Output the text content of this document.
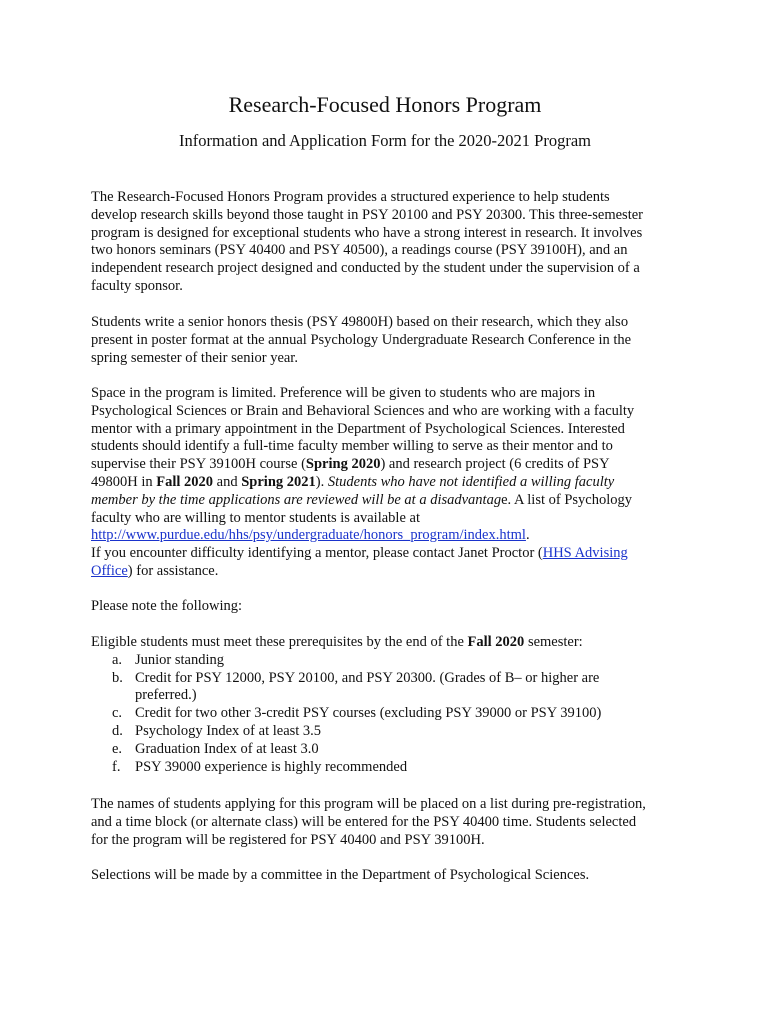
Research-Focused Honors Program
Information and Application Form for the 2020-2021 Program
The Research-Focused Honors Program provides a structured experience to help students
develop research skills beyond those taught in PSY 20100 and PSY 20300. This three-semester
program is designed for exceptional students who have a strong interest in research. It involves
two honors seminars (PSY 40400 and PSY 40500), a readings course (PSY 39100H), and an
independent research project designed and conducted by the student under the supervision of a
faculty sponsor.
Students write a senior honors thesis (PSY 49800H) based on their research, which they also
present in poster format at the annual Psychology Undergraduate Research Conference in the
spring semester of their senior year.
Space in the program is limited. Preference will be given to students who are majors in
Psychological Sciences or Brain and Behavioral Sciences and who are working with a faculty
mentor with a primary appointment in the Department of Psychological Sciences. Interested
students should identify a full-time faculty member willing to serve as their mentor and to
supervise their PSY 39100H course (Spring 2020) and research project (6 credits of PSY
49800H in Fall 2020 and Spring 2021). Students who have not identified a willing faculty
member by the time applications are reviewed will be at a disadvantage. A list of Psychology
faculty who are willing to mentor students is available at
http://www.purdue.edu/hhs/psy/undergraduate/honors_program/index.html.
If you encounter difficulty identifying a mentor, please contact Janet Proctor (HHS Advising
Office) for assistance.
Please note the following:
Eligible students must meet these prerequisites by the end of the Fall 2020 semester:
a. Junior standing
b. Credit for PSY 12000, PSY 20100, and PSY 20300. (Grades of B– or higher are
preferred.)
c. Credit for two other 3-credit PSY courses (excluding PSY 39000 or PSY 39100)
d. Psychology Index of at least 3.5
e. Graduation Index of at least 3.0
f. PSY 39000 experience is highly recommended
The names of students applying for this program will be placed on a list during pre-registration,
and a time block (or alternate class) will be entered for the PSY 40400 time. Students selected
for the program will be registered for PSY 40400 and PSY 39100H.
Selections will be made by a committee in the Department of Psychological Sciences.
